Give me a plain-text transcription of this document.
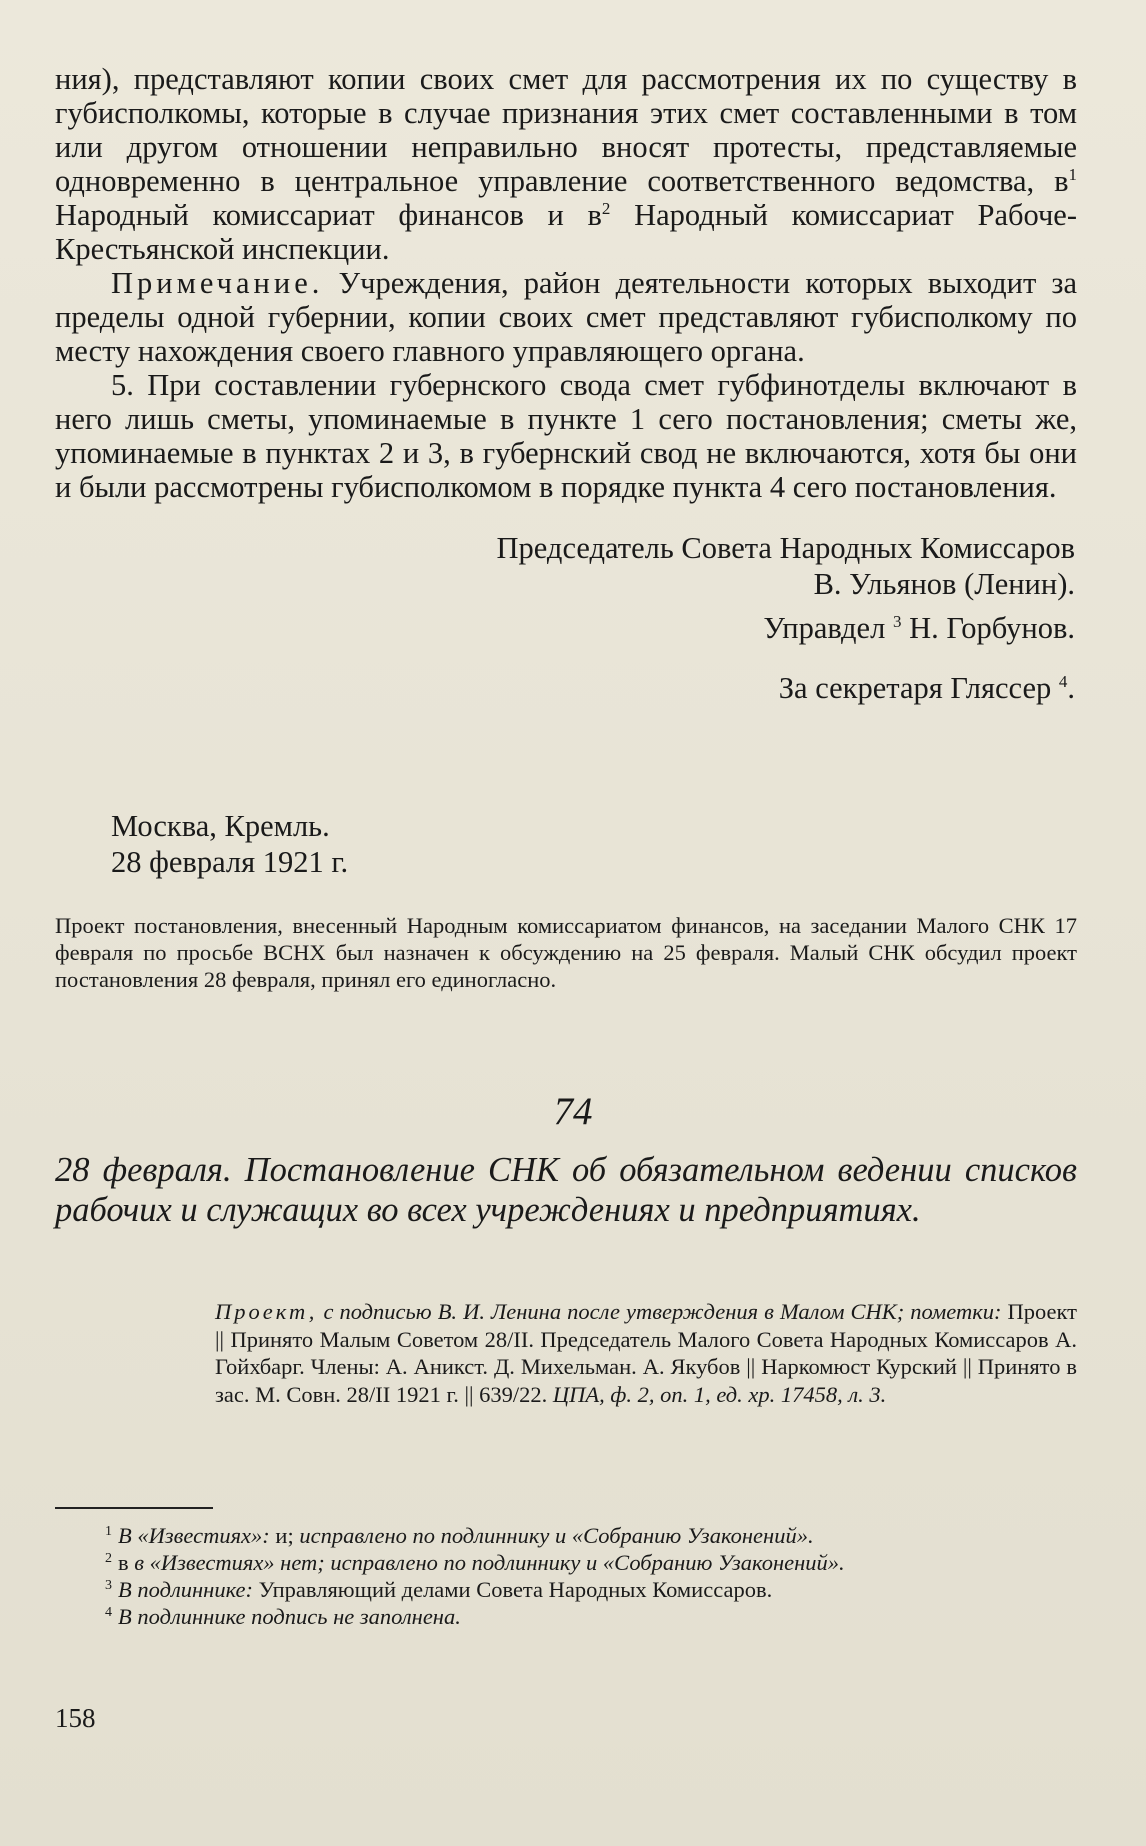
ния), представляют копии своих смет для рассмотрения их по существу в губисполкомы, которые в случае признания этих смет составленными в том или другом отношении неправильно вносят протесты, представляемые одновременно в центральное управление соответственного ведомства, $в^1$ Народный комиссариат финансов и $в^2$ Народный комиссариат Рабоче-Крестьянской инспекции.

Примечание. Учреждения, район деятельности которых выходит за пределы одной губернии, копии своих смет представляют губисполкому по месту нахождения своего главного управляющего органа.

5. При составлении губернского свода смет губфинотделы включают в него лишь сметы, упоминаемые в пункте 1 сего постановления; сметы же, упоминаемые в пунктах 2 и 3, в губернский свод не включаются, хотя бы они и были рассмотрены губисполкомом в порядке пункта 4 сего постановления.

Председатель Совета Народных Комиссаров
В. Ульянов (Ленин).
Управдел $^3$ Н. Горбунов.
За секретаря Гляссер $^4$.
Москва, Кремль.
28 февраля 1921 г.

Проект постановления, внесенный Народным комиссариатом финансов, на заседании Малого СНК 17 февраля по просьбе ВСНХ был назначен к обсуждению на 25 февраля. Малый СНК обсудил проект постановления 28 февраля, принял его единогласно.

74

28 февраля. Постановление СНК об обязательном ведении списков рабочих и служащих во всех учреждениях и предприятиях.

Проект, с подписью В. И. Ленина после утверждения в Малом СНК; пометки: Проект || Принято Малым Советом 28/II. Председатель Малого Совета Народных Комиссаров А. Гойхбарг. Члены: А. Аникст. Д. Михельман. А. Якубов || Наркомюст Курский || Принято в зас. М. Совн. 28/II 1921 г. || 639/22. ЦПА, ф. 2, оп. 1, ед. хр. 17458, л. 3.

$^1$ В «Известиях»: и; исправлено по подлиннику и «Собранию Узаконений».

$^2$ в в «Известиях» нет; исправлено по подлиннику и «Собранию Узаконений».

$^3$ В подлиннике: Управляющий делами Совета Народных Комиссаров.

$^4$ В подлиннике подпись не заполнена.

158
